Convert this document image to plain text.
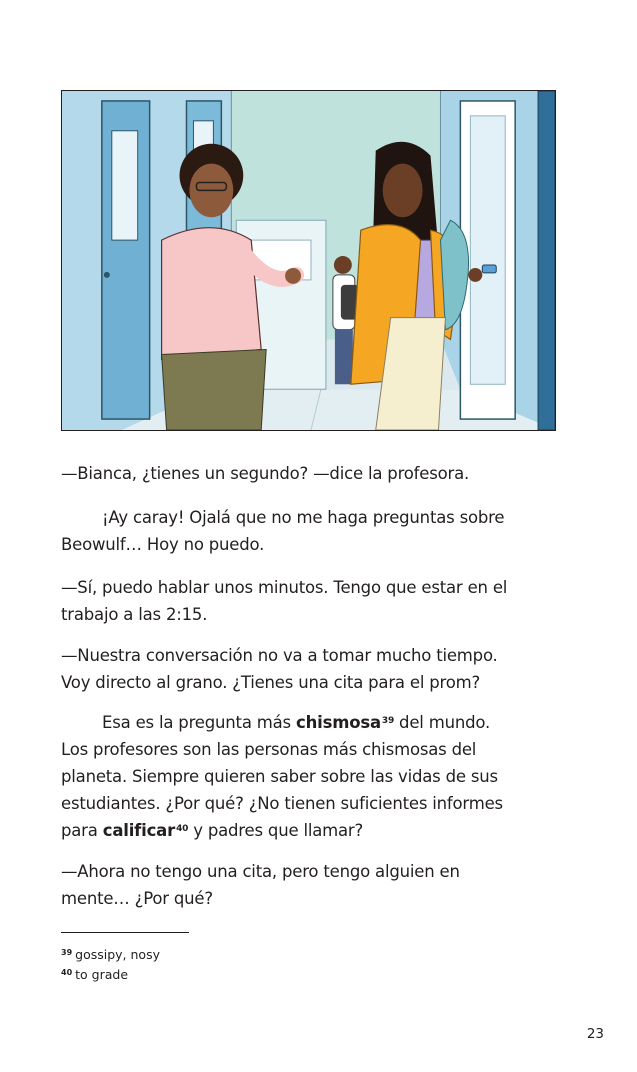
—Bianca, ¿tienes un segundo? —dice la profesora.
¡Ay caray! Ojalá que no me haga preguntas sobre
Beowulf… Hoy no puedo.
—Sí, puedo hablar unos minutos. Tengo que estar en el
trabajo a las 2:15.
—Nuestra conversación no va a tomar mucho tiempo.
Voy directo al grano. ¿Tienes una cita para el prom?
Esa es la pregunta más chismosa$^{39}$ del mundo.
Los profesores son las personas más chismosas del
planeta. Siempre quieren saber sobre las vidas de sus
estudiantes. ¿Por qué? ¿No tienen suficientes informes
para calificar$^{40}$ y padres que llamar?
—Ahora no tengo una cita, pero tengo alguien en
mente… ¿Por qué?
$^{39}$ gossipy, nosy
$^{40}$ to grade
23
